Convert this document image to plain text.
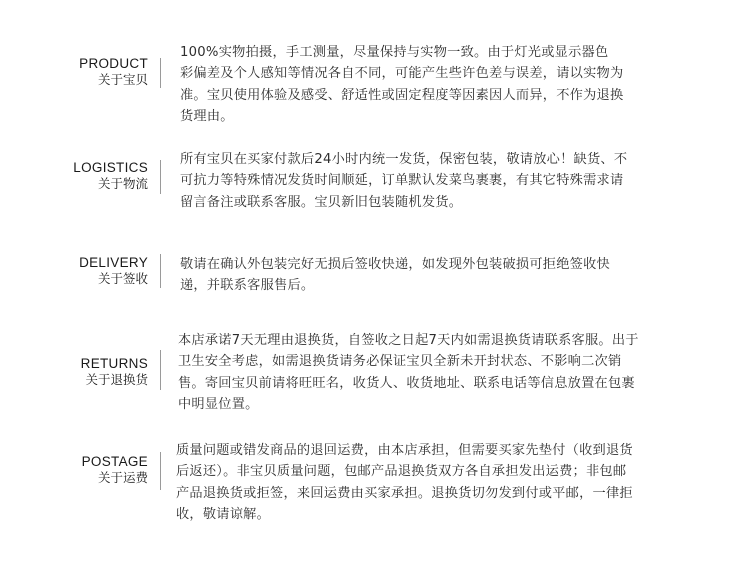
PRODUCT
关于宝贝
100%实物拍摄，手工测量，尽量保持与实物一致。由于灯光或显示器色
彩偏差及个人感知等情况各自不同，可能产生些许色差与误差，请以实物为
准。宝贝使用体验及感受、舒适性或固定程度等因素因人而异，不作为退换
货理由。
LOGISTICS
关于物流
所有宝贝在买家付款后24小时内统一发货，保密包装，敬请放心！缺货、不
可抗力等特殊情况发货时间顺延，订单默认发菜鸟裹裹，有其它特殊需求请
留言备注或联系客服。宝贝新旧包装随机发货。
DELIVERY
关于签收
敬请在确认外包装完好无损后签收快递，如发现外包装破损可拒绝签收快
递，并联系客服售后。
RETURNS
关于退换货
本店承诺7天无理由退换货，自签收之日起7天内如需退换货请联系客服。出于
卫生安全考虑，如需退换货请务必保证宝贝全新未开封状态、不影响二次销
售。寄回宝贝前请将旺旺名，收货人、收货地址、联系电话等信息放置在包裹
中明显位置。
POSTAGE
关于运费
质量问题或错发商品的退回运费，由本店承担，但需要买家先垫付（收到退货
后返还）。非宝贝质量问题，包邮产品退换货双方各自承担发出运费；非包邮
产品退换货或拒签，来回运费由买家承担。退换货切勿发到付或平邮，一律拒
收，敬请谅解。
